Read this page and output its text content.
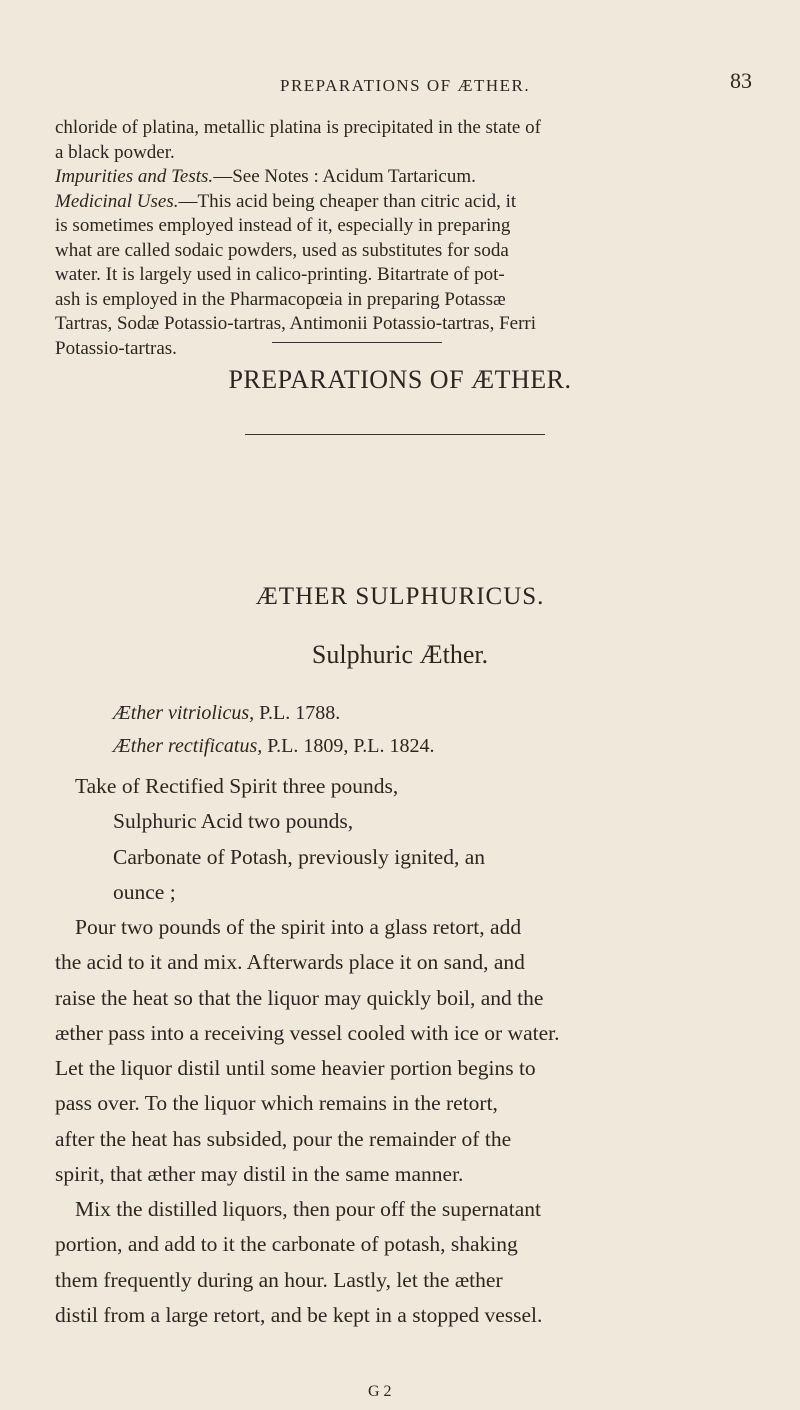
PREPARATIONS OF ÆTHER.	83
chloride of platina, metallic platina is precipitated in the state of
a black powder.
Impurities and Tests.—See Notes : Acidum Tartaricum.
Medicinal Uses.—This acid being cheaper than citric acid, it
is sometimes employed instead of it, especially in preparing
what are called sodaic powders, used as substitutes for soda
water. It is largely used in calico-printing. Bitartrate of pot-
ash is employed in the Pharmacopœia in preparing Potassæ
Tartras, Sodæ Potassio-tartras, Antimonii Potassio-tartras, Ferri
Potassio-tartras.
PREPARATIONS OF ÆTHER.
ÆTHER SULPHURICUS.
Sulphuric Æther.
Æther vitriolicus, P.L. 1788.
Æther rectificatus, P.L. 1809, P.L. 1824.
Take of Rectified Spirit three pounds,
Sulphuric Acid two pounds,
Carbonate of Potash, previously ignited, an
ounce ;
Pour two pounds of the spirit into a glass retort, add
the acid to it and mix. Afterwards place it on sand, and
raise the heat so that the liquor may quickly boil, and the
æther pass into a receiving vessel cooled with ice or water.
Let the liquor distil until some heavier portion begins to
pass over. To the liquor which remains in the retort,
after the heat has subsided, pour the remainder of the
spirit, that æther may distil in the same manner.
Mix the distilled liquors, then pour off the supernatant
portion, and add to it the carbonate of potash, shaking
them frequently during an hour. Lastly, let the æther
distil from a large retort, and be kept in a stopped vessel.
G 2
